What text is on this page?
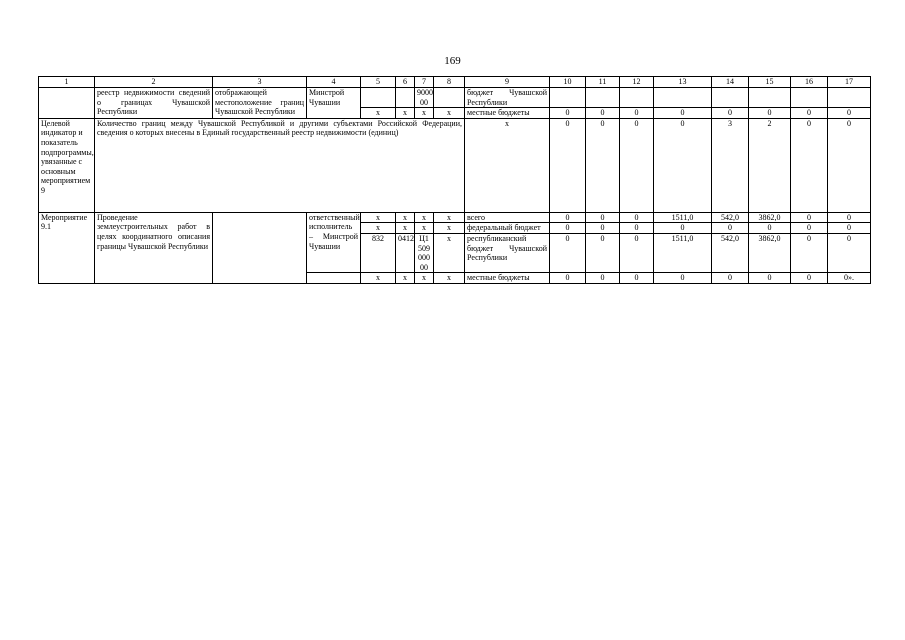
169
1	2	3	4	5	6	7	8	9	10	11	12	13	14	15	16	17
	реестр недвижимости сведений о границах Чувашской Республики	отображающей местоположение границ Чувашской Республики	Минстрой Чувашии			9000 00		бюджет Чувашской Республики								
				x	x	x	x	местные бюджеты	0	0	0	0	0	0	0	0
Целевой индикатор и показатель подпрограммы, увязанные с основным мероприятием 9	Количество границ между Чувашской Республикой и другими субъектами Российской Федерации, сведения о которых внесены в Единый государственный реестр недвижимости (единиц)							x	0	0	0	0	3	2	0	0
Мероприятие 9.1	Проведение землеустроительных работ в целях координатного описания границы Чувашской Республики		ответственный исполнитель – Минстрой Чувашии	x	x	x	x	всего	0	0	0	1511,0	542,0	3862,0	0	0
				x	x	x	x	федеральный бюджет	0	0	0	0	0	0	0	0
				832	0412	Ц1 509 000 00	x	республиканский бюджет Чувашской Республики	0	0	0	1511,0	542,0	3862,0	0	0
				x	x	x	x	местные бюджеты	0	0	0	0	0	0	0	0».
